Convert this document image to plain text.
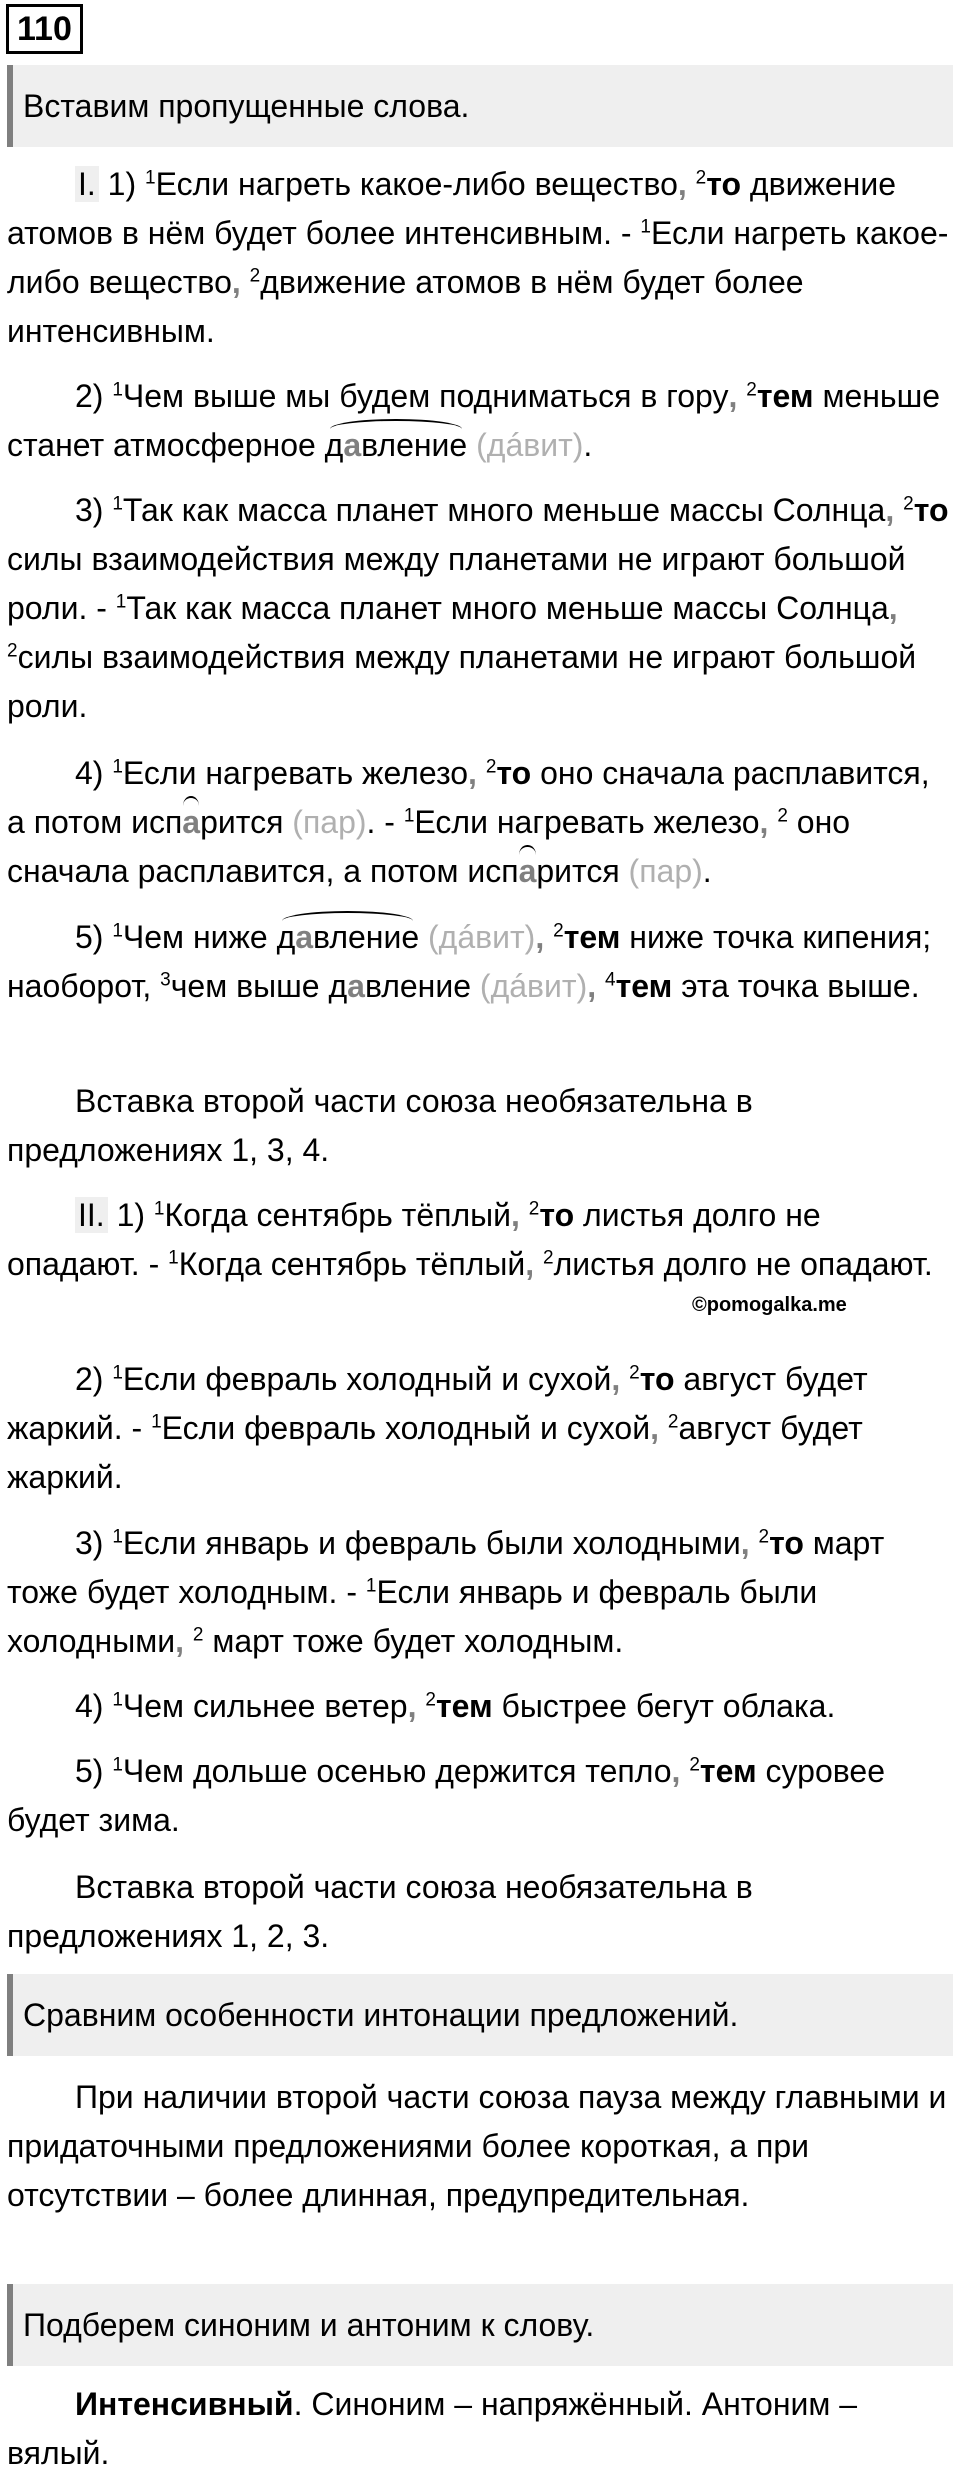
110
Вставим пропущенные слова.

I. 1) $^1$Если нагреть какое-либо вещество, $^2$то движение атомов в нём будет более интенсивным. - $^1$Если нагреть какое-либо вещество, $^2$движение атомов в нём будет более интенсивным.

2) $^1$Чем выше мы будем подниматься в гору, $^2$тем меньше станет атмосферное давление (дáвит).

3) $^1$Так как масса планет много меньше массы Солнца, $^2$то силы взаимодействия между планетами не играют большой роли. - $^1$Так как масса планет много меньше массы Солнца, $^2$силы взаимодействия между планетами не играют большой роли.

4) $^1$Если нагревать железо, $^2$то оно сначала расплавится, а потом испарится (пар). - $^1$Если нагревать железо, $^2$ оно сначала расплавится, а потом испарится (пар).

5) $^1$Чем ниже давление (дáвит), $^2$тем ниже точка кипения; наоборот, $^3$чем выше давление (дáвит), $^4$тем эта точка выше.

Вставка второй части союза необязательна в предложениях 1, 3, 4.

II. 1) $^1$Когда сентябрь тёплый, $^2$то листья долго не опадают. - $^1$Когда сентябрь тёплый, $^2$листья долго не опадают.

©pomogalka.me

2) $^1$Если февраль холодный и сухой, $^2$то август будет жаркий. - $^1$Если февраль холодный и сухой, $^2$август будет жаркий.

3) $^1$Если январь и февраль были холодными, $^2$то март тоже будет холодным. - $^1$Если январь и февраль были холодными, $^2$ март тоже будет холодным.

4) $^1$Чем сильнее ветер, $^2$тем быстрее бегут облака.

5) $^1$Чем дольше осенью держится тепло, $^2$тем суровее будет зима.

Вставка второй части союза необязательна в предложениях 1, 2, 3.

Сравним особенности интонации предложений.

При наличии второй части союза пауза между главными и придаточными предложениями более короткая, а при отсутствии – более длинная, предупредительная.

Подберем синоним и антоним к слову.

Интенсивный. Синоним – напряжённый. Антоним – вялый.
